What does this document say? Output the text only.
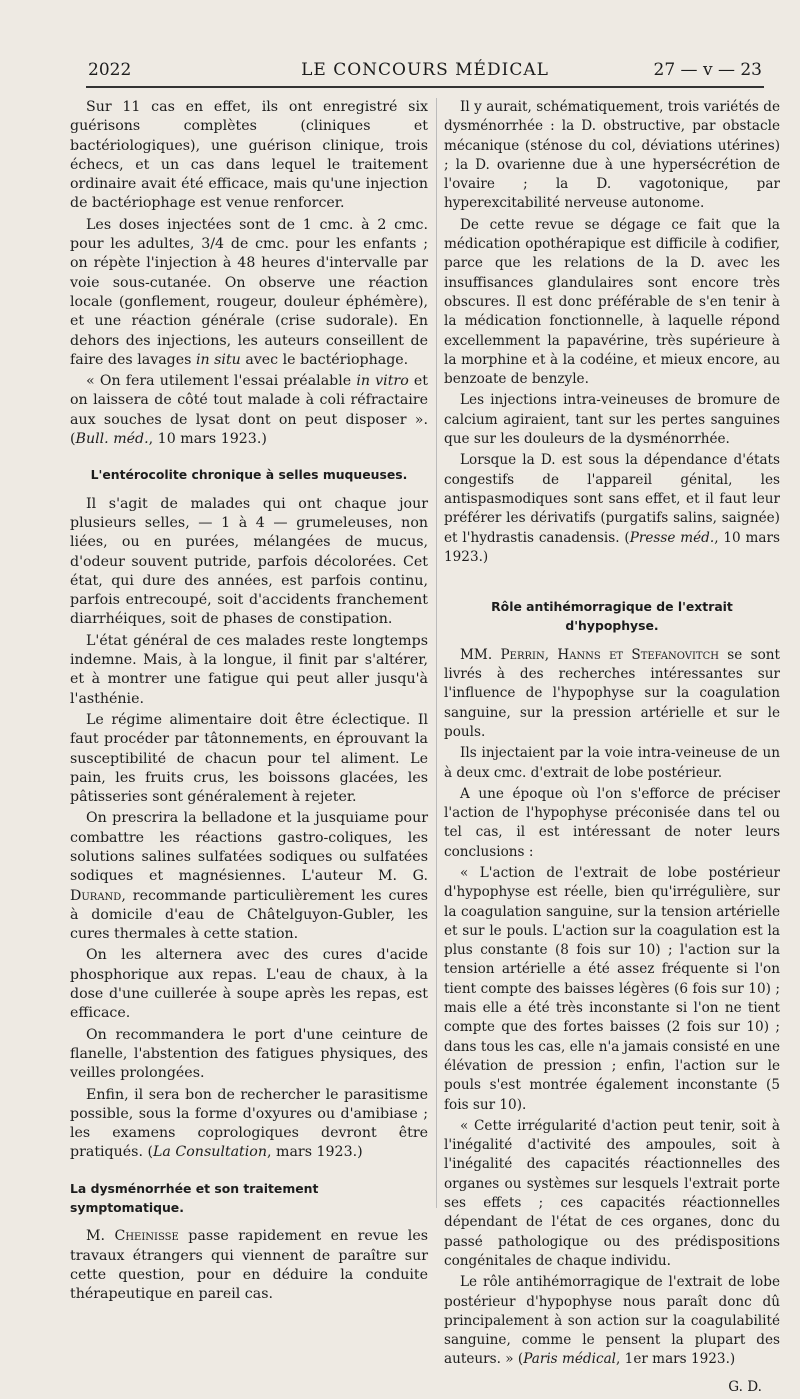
2022	LE CONCOURS MÉDICAL	27 — v — 23

Sur 11 cas en effet, ils ont enregistré six guérisons complètes (cliniques et bactériologiques), une guérison clinique, trois échecs, et un cas dans lequel le traitement ordinaire avait été efficace, mais qu'une injection de bactériophage est venue renforcer.

Les doses injectées sont de 1 cmc. à 2 cmc. pour les adultes, 3/4 de cmc. pour les enfants ; on répète l'injection à 48 heures d'intervalle par voie sous-cutanée. On observe une réaction locale (gonflement, rougeur, douleur éphémère), et une réaction générale (crise sudorale). En dehors des injections, les auteurs conseillent de faire des lavages in situ avec le bactériophage.

« On fera utilement l'essai préalable in vitro et on laissera de côté tout malade à coli réfractaire aux souches de lysat dont on peut disposer ». (Bull. méd., 10 mars 1923.)

L'entérocolite chronique à selles muqueuses.

Il s'agit de malades qui ont chaque jour plusieurs selles, — 1 à 4 — grumeleuses, non liées, ou en purées, mélangées de mucus, d'odeur souvent putride, parfois décolorées. Cet état, qui dure des années, est parfois continu, parfois entrecoupé, soit d'accidents franchement diarrhéiques, soit de phases de constipation.

L'état général de ces malades reste longtemps indemne. Mais, à la longue, il finit par s'altérer, et à montrer une fatigue qui peut aller jusqu'à l'asthénie.

Le régime alimentaire doit être éclectique. Il faut procéder par tâtonnements, en éprouvant la susceptibilité de chacun pour tel aliment. Le pain, les fruits crus, les boissons glacées, les pâtisseries sont généralement à rejeter.

On prescrira la belladone et la jusquiame pour combattre les réactions gastro-coliques, les solutions salines sulfatées sodiques ou sulfatées sodiques et magnésiennes. L'auteur M. G. Durand, recommande particulièrement les cures à domicile d'eau de Châtelguyon-Gubler, les cures thermales à cette station.

On les alternera avec des cures d'acide phosphorique aux repas. L'eau de chaux, à la dose d'une cuillerée à soupe après les repas, est efficace.

On recommandera le port d'une ceinture de flanelle, l'abstention des fatigues physiques, des veilles prolongées.

Enfin, il sera bon de rechercher le parasitisme possible, sous la forme d'oxyures ou d'amibiase ; les examens coprologiques devront être pratiqués. (La Consultation, mars 1923.)

La dysménorrhée et son traitement symptomatique.

M. Cheinisse passe rapidement en revue les travaux étrangers qui viennent de paraître sur cette question, pour en déduire la conduite thérapeutique en pareil cas.

Il y aurait, schématiquement, trois variétés de dysménorrhée : la D. obstructive, par obstacle mécanique (sténose du col, déviations utérines) ; la D. ovarienne due à une hypersécrétion de l'ovaire ; la D. vagotonique, par hyperexcitabilité nerveuse autonome.

De cette revue se dégage ce fait que la médication opothérapique est difficile à codifier, parce que les relations de la D. avec les insuffisances glandulaires sont encore très obscures. Il est donc préférable de s'en tenir à la médication fonctionnelle, à laquelle répond excellemment la papavérine, très supérieure à la morphine et à la codéine, et mieux encore, au benzoate de benzyle.

Les injections intra-veineuses de bromure de calcium agiraient, tant sur les pertes sanguines que sur les douleurs de la dysménorrhée.

Lorsque la D. est sous la dépendance d'états congestifs de l'appareil génital, les antispasmodiques sont sans effet, et il faut leur préférer les dérivatifs (purgatifs salins, saignée) et l'hydrastis canadensis. (Presse méd., 10 mars 1923.)

Rôle antihémorragique de l'extrait d'hypophyse.

MM. Perrin, Hanns et Stefanovitch se sont livrés à des recherches intéressantes sur l'influence de l'hypophyse sur la coagulation sanguine, sur la pression artérielle et sur le pouls.

Ils injectaient par la voie intra-veineuse de un à deux cmc. d'extrait de lobe postérieur.

A une époque où l'on s'efforce de préciser l'action de l'hypophyse préconisée dans tel ou tel cas, il est intéressant de noter leurs conclusions :

« L'action de l'extrait de lobe postérieur d'hypophyse est réelle, bien qu'irrégulière, sur la coagulation sanguine, sur la tension artérielle et sur le pouls. L'action sur la coagulation est la plus constante (8 fois sur 10) ; l'action sur la tension artérielle a été assez fréquente si l'on tient compte des baisses légères (6 fois sur 10) ; mais elle a été très inconstante si l'on ne tient compte que des fortes baisses (2 fois sur 10) ; dans tous les cas, elle n'a jamais consisté en une élévation de pression ; enfin, l'action sur le pouls s'est montrée également inconstante (5 fois sur 10).

« Cette irrégularité d'action peut tenir, soit à l'inégalité d'activité des ampoules, soit à l'inégalité des capacités réactionnelles des organes ou systèmes sur lesquels l'extrait porte ses effets ; ces capacités réactionnelles dépendant de l'état de ces organes, donc du passé pathologique ou des prédispositions congénitales de chaque individu.

Le rôle antihémorragique de l'extrait de lobe postérieur d'hypophyse nous paraît donc dû principalement à son action sur la coagulabilité sanguine, comme le pensent la plupart des auteurs. » (Paris médical, 1er mars 1923.)

G. D.
